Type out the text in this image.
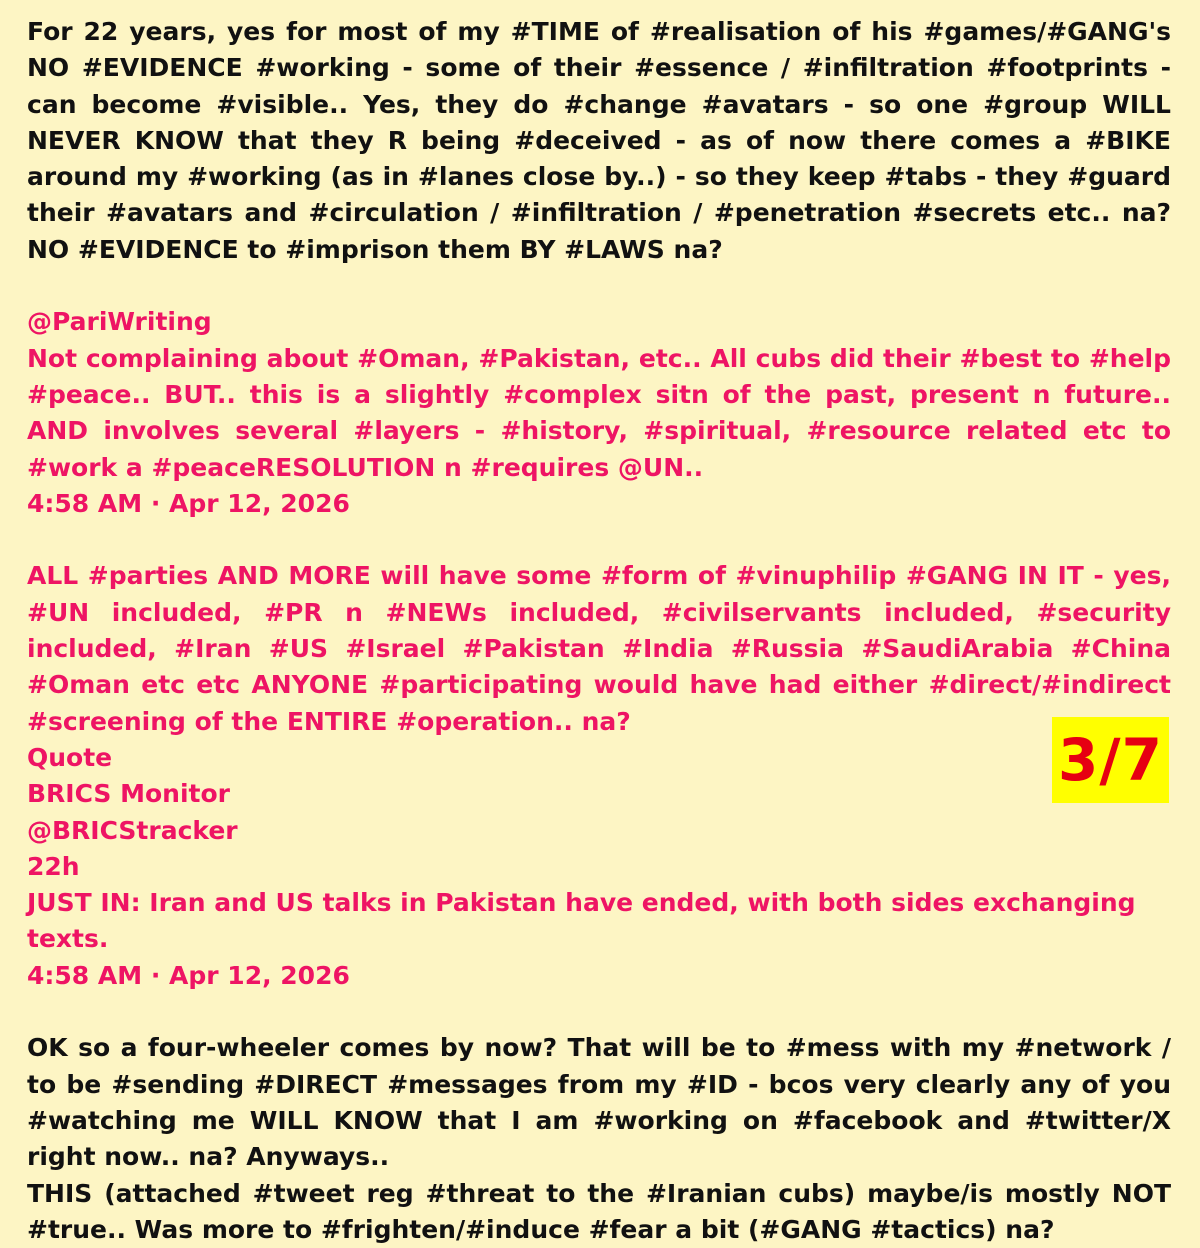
For 22 years, yes for most of my #TIME of #realisation of his #games/#GANG's NO #EVIDENCE #working - some of their #essence / #infiltration #footprints - can become #visible.. Yes, they do #change #avatars - so one #group WILL NEVER KNOW that they R being #deceived - as of now there comes a #BIKE around my #working (as in #lanes close by..) - so they keep #tabs - they #guard their #avatars and #circulation / #infiltration / #penetration #secrets etc.. na? NO #EVIDENCE to #imprison them BY #LAWS na?

@PariWriting

Not complaining about #Oman, #Pakistan, etc.. All cubs did their #best to #help #peace.. BUT.. this is a slightly #complex sitn of the past, present n future.. AND involves several #layers - #history, #spiritual, #resource related etc to #work a #peaceRESOLUTION n #requires @UN..

4:58 AM · Apr 12, 2026

ALL #parties AND MORE will have some #form of #vinuphilip #GANG IN IT - yes, #UN included, #PR n #NEWs included, #civilservants included, #security included, #Iran #US #Israel #Pakistan #India #Russia #SaudiArabia #China #Oman etc etc ANYONE #participating would have had either #direct/#indirect #screening of the ENTIRE #operation.. na?

Quote
BRICS Monitor
@BRICStracker
22h
JUST IN: Iran and US talks in Pakistan have ended, with both sides exchanging texts.
4:58 AM · Apr 12, 2026

OK so a four-wheeler comes by now? That will be to #mess with my #network / to be #sending #DIRECT #messages from my #ID - bcos very clearly any of you #watching me WILL KNOW that I am #working on #facebook and #twitter/X right now.. na? Anyways..

THIS (attached #tweet reg #threat to the #Iranian cubs) maybe/is mostly NOT #true.. Was more to #frighten/#induce #fear a bit (#GANG #tactics) na?

3/7
